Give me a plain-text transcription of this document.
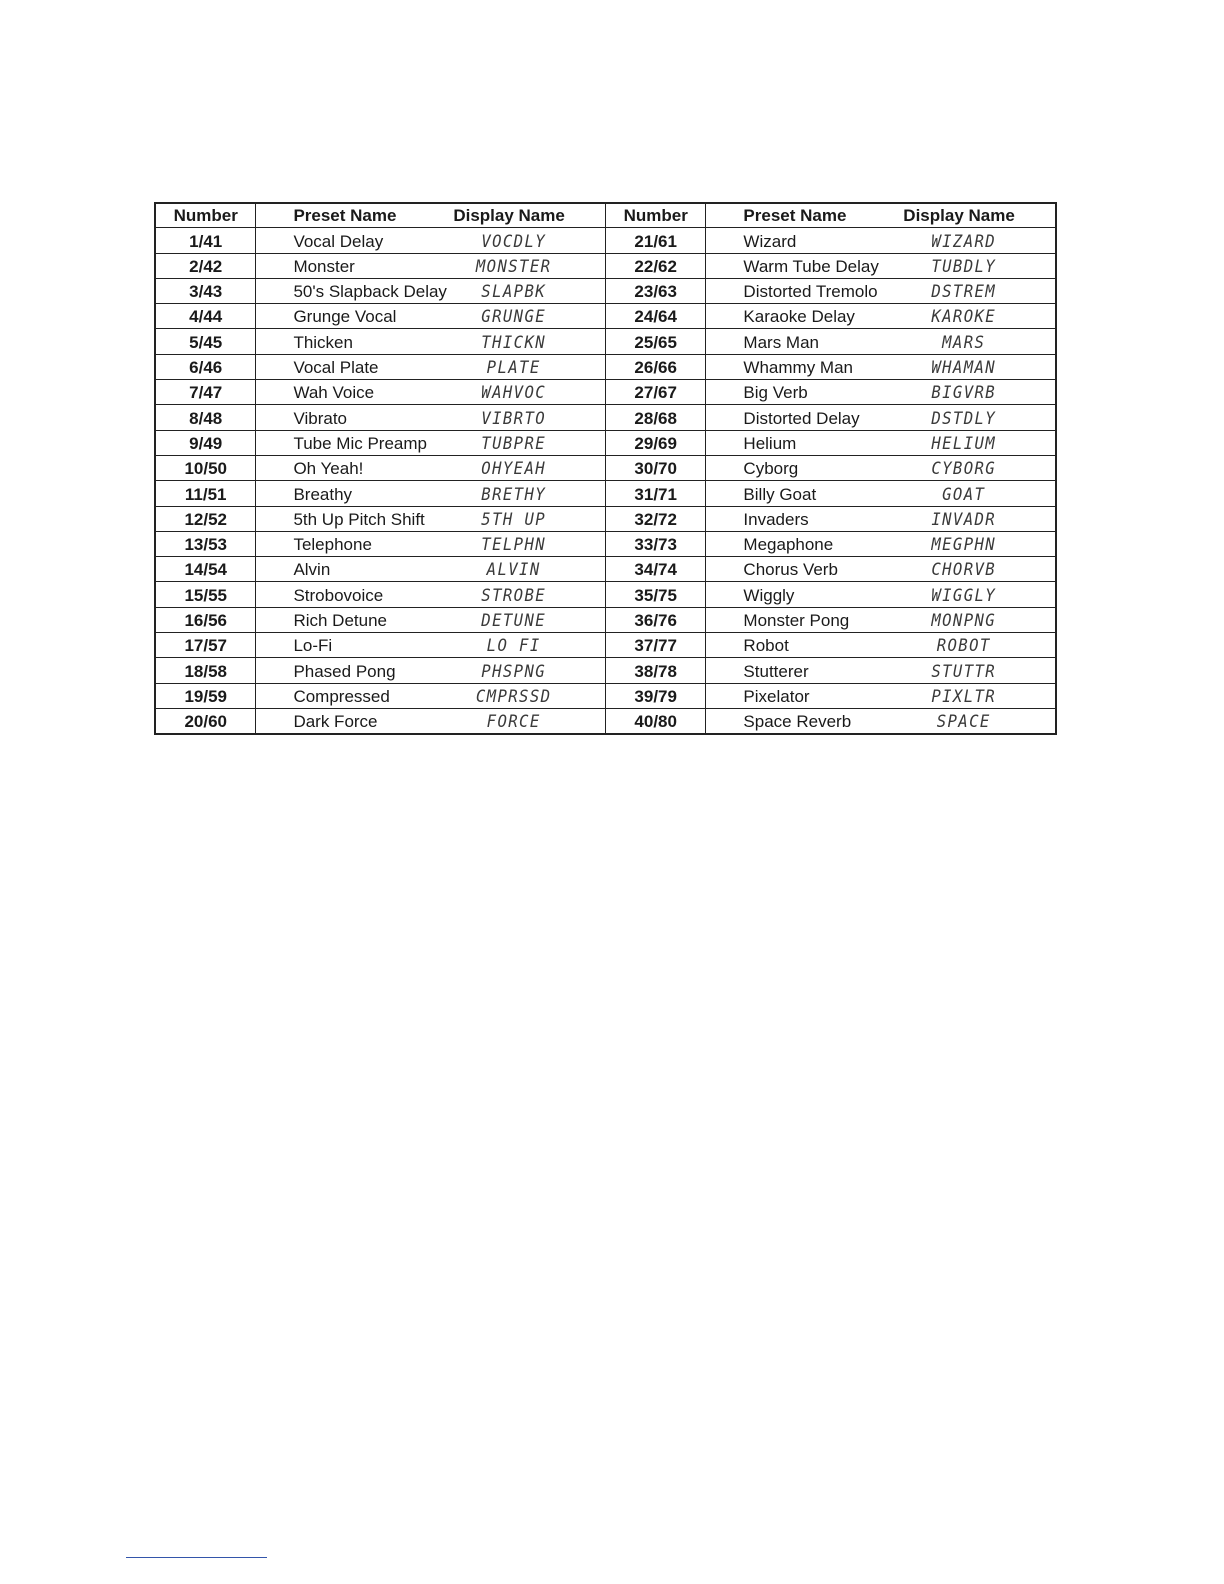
Number	Preset Name	Display Name	Number	Preset Name	Display Name
1/41	Vocal Delay	VOCDLY	21/61	Wizard	WIZARD
2/42	Monster	MONSTER	22/62	Warm Tube Delay	TUBDLY
3/43	50's Slapback Delay	SLAPBK	23/63	Distorted Tremolo	DSTREM
4/44	Grunge Vocal	GRUNGE	24/64	Karaoke Delay	KAROKE
5/45	Thicken	THICKN	25/65	Mars Man	MARS
6/46	Vocal Plate	PLATE	26/66	Whammy Man	WHAMAN
7/47	Wah Voice	WAHVOC	27/67	Big Verb	BIGVRB
8/48	Vibrato	VIBRTO	28/68	Distorted Delay	DSTDLY
9/49	Tube Mic Preamp	TUBPRE	29/69	Helium	HELIUM
10/50	Oh Yeah!	OHYEAH	30/70	Cyborg	CYBORG
11/51	Breathy	BRETHY	31/71	Billy Goat	GOAT
12/52	5th Up Pitch Shift	5TH UP	32/72	Invaders	INVADR
13/53	Telephone	TELPHN	33/73	Megaphone	MEGPHN
14/54	Alvin	ALVIN	34/74	Chorus Verb	CHORVB
15/55	Strobovoice	STROBE	35/75	Wiggly	WIGGLY
16/56	Rich Detune	DETUNE	36/76	Monster Pong	MONPNG
17/57	Lo-Fi	LO FI	37/77	Robot	ROBOT
18/58	Phased Pong	PHSPNG	38/78	Stutterer	STUTTR
19/59	Compressed	CMPRSSD	39/79	Pixelator	PIXLTR
20/60	Dark Force	FORCE	40/80	Space Reverb	SPACE
